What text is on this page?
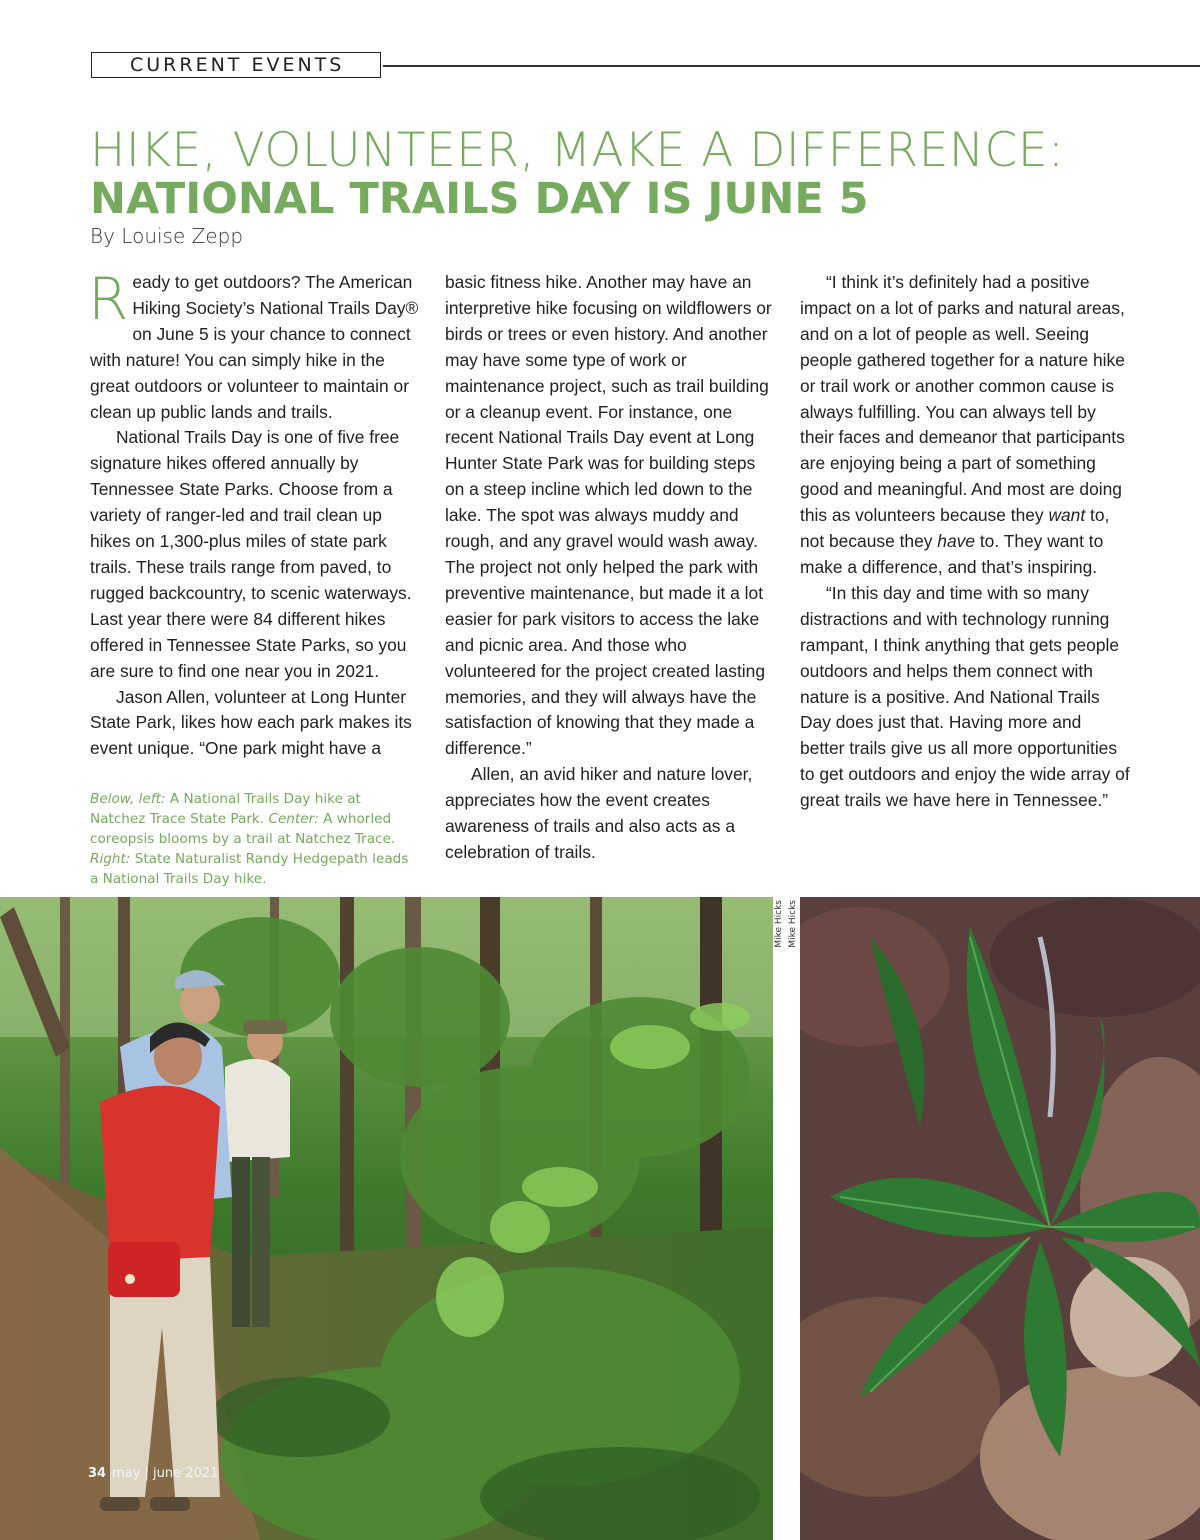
CURRENT EVENTS
HIKE, VOLUNTEER, MAKE A DIFFERENCE:
NATIONAL TRAILS DAY IS JUNE 5
By Louise Zepp

Ready to get outdoors? The American Hiking Society’s National Trails Day® on June 5 is your chance to connect with nature! You can simply hike in the great outdoors or volunteer to maintain or clean up public lands and trails.

National Trails Day is one of five free signature hikes offered annually by Tennessee State Parks. Choose from a variety of ranger-led and trail clean up hikes on 1,300-plus miles of state park trails. These trails range from paved, to rugged backcountry, to scenic waterways. Last year there were 84 different hikes offered in Tennessee State Parks, so you are sure to find one near you in 2021.

Jason Allen, volunteer at Long Hunter State Park, likes how each park makes its event unique. “One park might have a

Below, left: A National Trails Day hike at Natchez Trace State Park. Center: A whorled coreopsis blooms by a trail at Natchez Trace. Right: State Naturalist Randy Hedgepath leads a National Trails Day hike.

basic fitness hike. Another may have an interpretive hike focusing on wildflowers or birds or trees or even history. And another may have some type of work or maintenance project, such as trail building or a cleanup event. For instance, one recent National Trails Day event at Long Hunter State Park was for building steps on a steep incline which led down to the lake. The spot was always muddy and rough, and any gravel would wash away. The project not only helped the park with preventive maintenance, but made it a lot easier for park visitors to access the lake and picnic area. And those who volunteered for the project created lasting memories, and they will always have the satisfaction of knowing that they made a difference.”

Allen, an avid hiker and nature lover, appreciates how the event creates awareness of trails and also acts as a celebration of trails.

“I think it’s definitely had a positive impact on a lot of parks and natural areas, and on a lot of people as well. Seeing people gathered together for a nature hike or trail work or another common cause is always fulfilling. You can always tell by their faces and demeanor that participants are enjoying being a part of something good and meaningful. And most are doing this as volunteers because they want to, not because they have to. They want to make a difference, and that’s inspiring.

“In this day and time with so many distractions and with technology running rampant, I think anything that gets people outdoors and helps them connect with nature is a positive. And National Trails Day does just that. Having more and better trails give us all more opportunities to get outdoors and enjoy the wide array of great trails we have here in Tennessee.”

Mike Hicks Mike Hicks
34 may | june 2021
